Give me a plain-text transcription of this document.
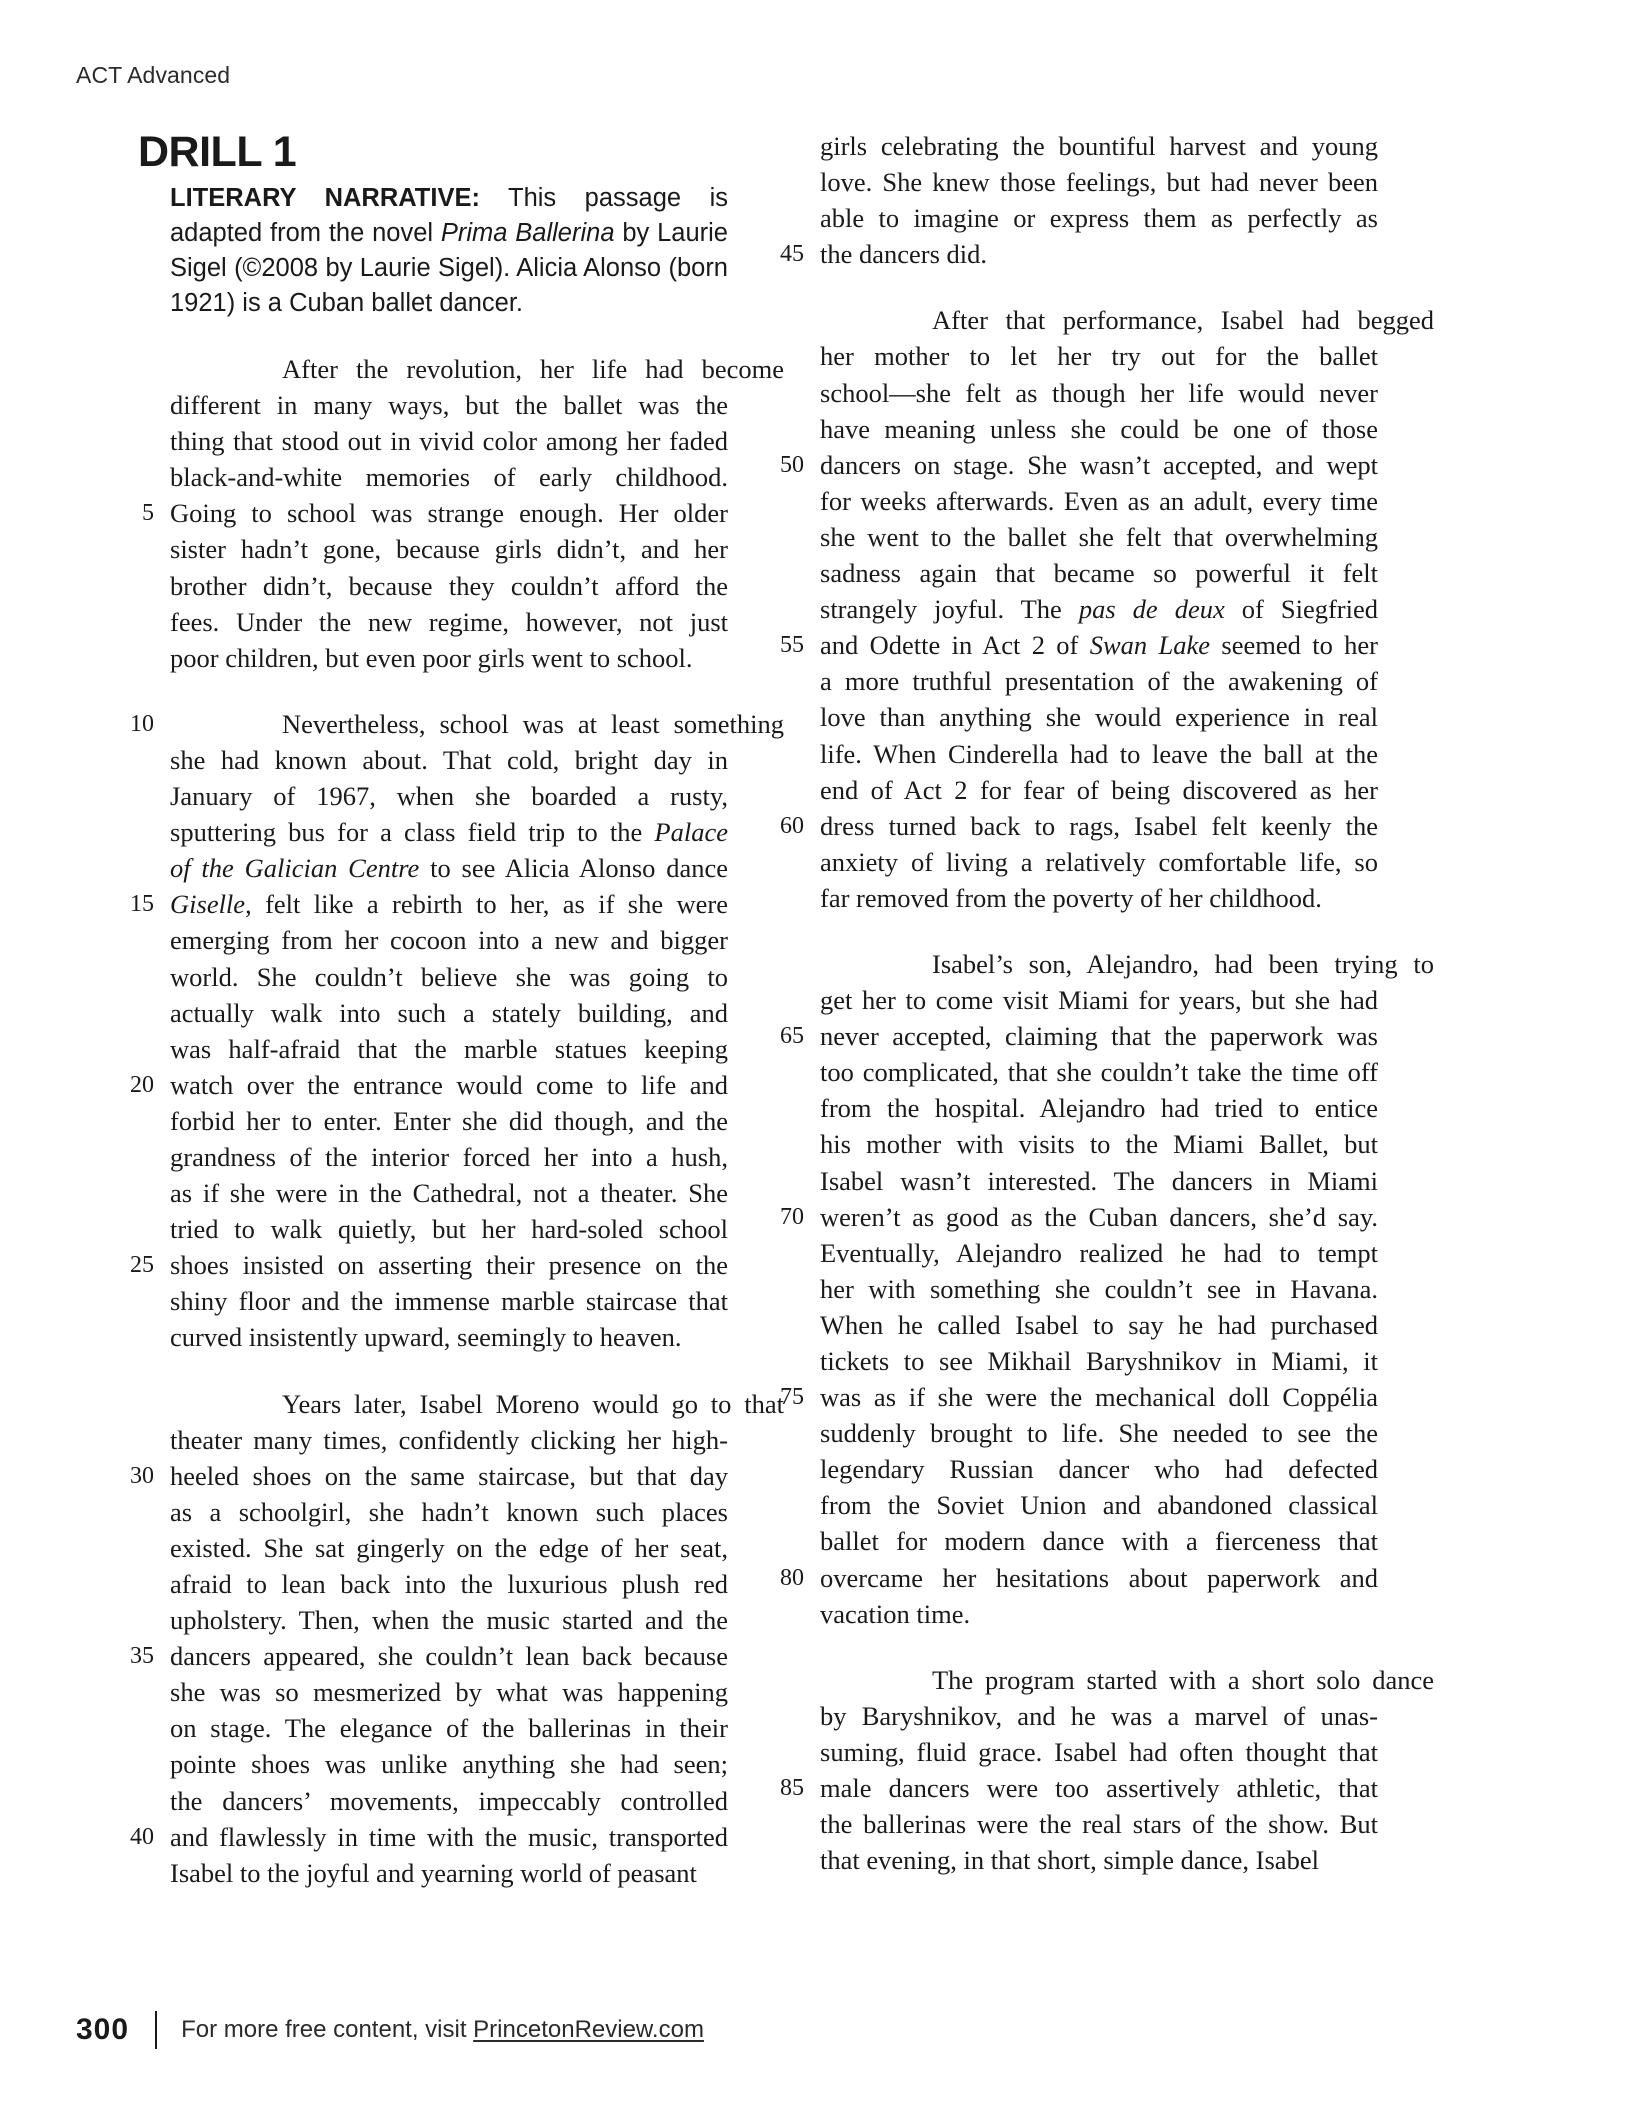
ACT Advanced
DRILL 1

LITERARY NARRATIVE: This passage is adapted from the novel Prima Ballerina by Laurie Sigel (©2008 by Laurie Sigel). Alicia Alonso (born 1921) is a Cuban ballet dancer.

After the revolution, her life had become
different in many ways, but the ballet was the
thing that stood out in vivid color among her faded
black-and-white memories of early childhood.
5 Going to school was strange enough. Her older
sister hadn’t gone, because girls didn’t, and her
brother didn’t, because they couldn’t afford the
fees. Under the new regime, however, not just
poor children, but even poor girls went to school.
10	Nevertheless, school was at least something
she had known about. That cold, bright day in
January of 1967, when she boarded a rusty,
sputtering bus for a class field trip to the Palace
of the Galician Centre to see Alicia Alonso dance
15 Giselle, felt like a rebirth to her, as if she were
emerging from her cocoon into a new and bigger
world. She couldn’t believe she was going to
actually walk into such a stately building, and
was half-afraid that the marble statues keeping
20 watch over the entrance would come to life and
forbid her to enter. Enter she did though, and the
grandness of the interior forced her into a hush,
as if she were in the Cathedral, not a theater. She
tried to walk quietly, but her hard-soled school
25 shoes insisted on asserting their presence on the
shiny floor and the immense marble staircase that
curved insistently upward, seemingly to heaven.
Years later, Isabel Moreno would go to that
theater many times, confidently clicking her high-
30 heeled shoes on the same staircase, but that day
as a schoolgirl, she hadn’t known such places
existed. She sat gingerly on the edge of her seat,
afraid to lean back into the luxurious plush red
upholstery. Then, when the music started and the
35 dancers appeared, she couldn’t lean back because
she was so mesmerized by what was happening
on stage. The elegance of the ballerinas in their
pointe shoes was unlike anything she had seen;
the dancers’ movements, impeccably controlled
40 and flawlessly in time with the music, transported
Isabel to the joyful and yearning world of peasant
girls celebrating the bountiful harvest and young
love. She knew those feelings, but had never been
able to imagine or express them as perfectly as
45 the dancers did.
After that performance, Isabel had begged
her mother to let her try out for the ballet
school—she felt as though her life would never
have meaning unless she could be one of those
50 dancers on stage. She wasn’t accepted, and wept
for weeks afterwards. Even as an adult, every time
she went to the ballet she felt that overwhelming
sadness again that became so powerful it felt
strangely joyful. The pas de deux of Siegfried
55 and Odette in Act 2 of Swan Lake seemed to her
a more truthful presentation of the awakening of
love than anything she would experience in real
life. When Cinderella had to leave the ball at the
end of Act 2 for fear of being discovered as her
60 dress turned back to rags, Isabel felt keenly the
anxiety of living a relatively comfortable life, so
far removed from the poverty of her childhood.
Isabel’s son, Alejandro, had been trying to
get her to come visit Miami for years, but she had
65 never accepted, claiming that the paperwork was
too complicated, that she couldn’t take the time off
from the hospital. Alejandro had tried to entice
his mother with visits to the Miami Ballet, but
Isabel wasn’t interested. The dancers in Miami
70 weren’t as good as the Cuban dancers, she’d say.
Eventually, Alejandro realized he had to tempt
her with something she couldn’t see in Havana.
When he called Isabel to say he had purchased
tickets to see Mikhail Baryshnikov in Miami, it
75 was as if she were the mechanical doll Coppélia
suddenly brought to life. She needed to see the
legendary Russian dancer who had defected
from the Soviet Union and abandoned classical
ballet for modern dance with a fierceness that
80 overcame her hesitations about paperwork and
vacation time.
The program started with a short solo dance
by Baryshnikov, and he was a marvel of unas-
suming, fluid grace. Isabel had often thought that
85 male dancers were too assertively athletic, that
the ballerinas were the real stars of the show. But
that evening, in that short, simple dance, Isabel
300 For more free content, visit PrincetonReview.com
